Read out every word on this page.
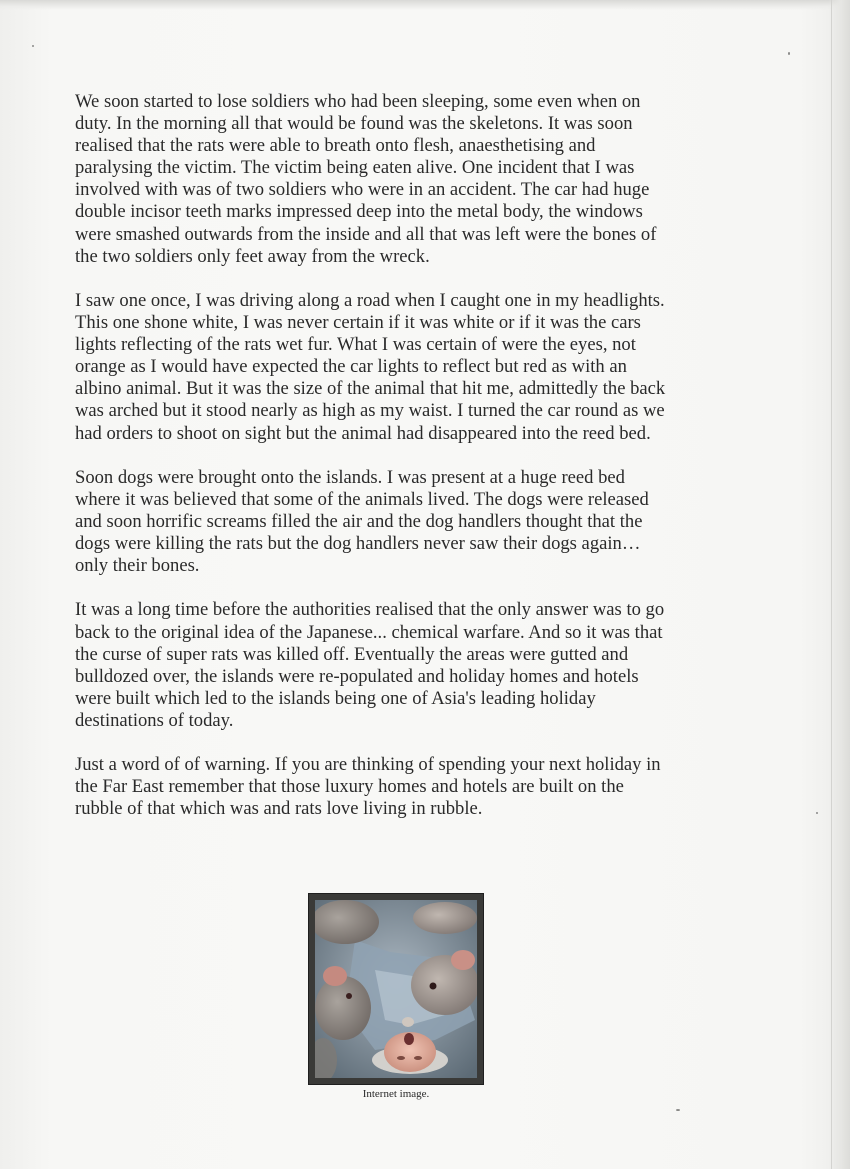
We soon started to lose soldiers who had been sleeping, some even when on
duty. In the morning all that would be found was the skeletons. It was soon
realised that the rats were able to breath onto flesh, anaesthetising and
paralysing the victim. The victim being eaten alive. One incident that I was
involved with was of two soldiers who were in an accident. The car had huge
double incisor teeth marks impressed deep into the metal body, the windows
were smashed outwards from the inside and all that was left were the bones of
the two soldiers only feet away from the wreck.

I saw one once, I was driving along a road when I caught one in my headlights.
This one shone white, I was never certain if it was white or if it was the cars
lights reflecting of the rats wet fur. What I was certain of were the eyes, not
orange as I would have expected the car lights to reflect but red as with an
albino animal. But it was the size of the animal that hit me, admittedly the back
was arched but it stood nearly as high as my waist. I turned the car round as we
had orders to shoot on sight but the animal had disappeared into the reed bed.

Soon dogs were brought onto the islands. I was present at a huge reed bed
where it was believed that some of the animals lived. The dogs were released
and soon horrific screams filled the air and the dog handlers thought that the
dogs were killing the rats but the dog handlers never saw their dogs again…
only their bones.

It was a long time before the authorities realised that the only answer was to go
back to the original idea of the Japanese... chemical warfare. And so it was that
the curse of super rats was killed off. Eventually the areas were gutted and
bulldozed over, the islands were re-populated and holiday homes and hotels
were built which led to the islands being one of Asia's leading holiday
destinations of today.

Just a word of of warning. If you are thinking of spending your next holiday in
the Far East remember that those luxury homes and hotels are built on the
rubble of that which was and rats love living in rubble.

Internet image.
